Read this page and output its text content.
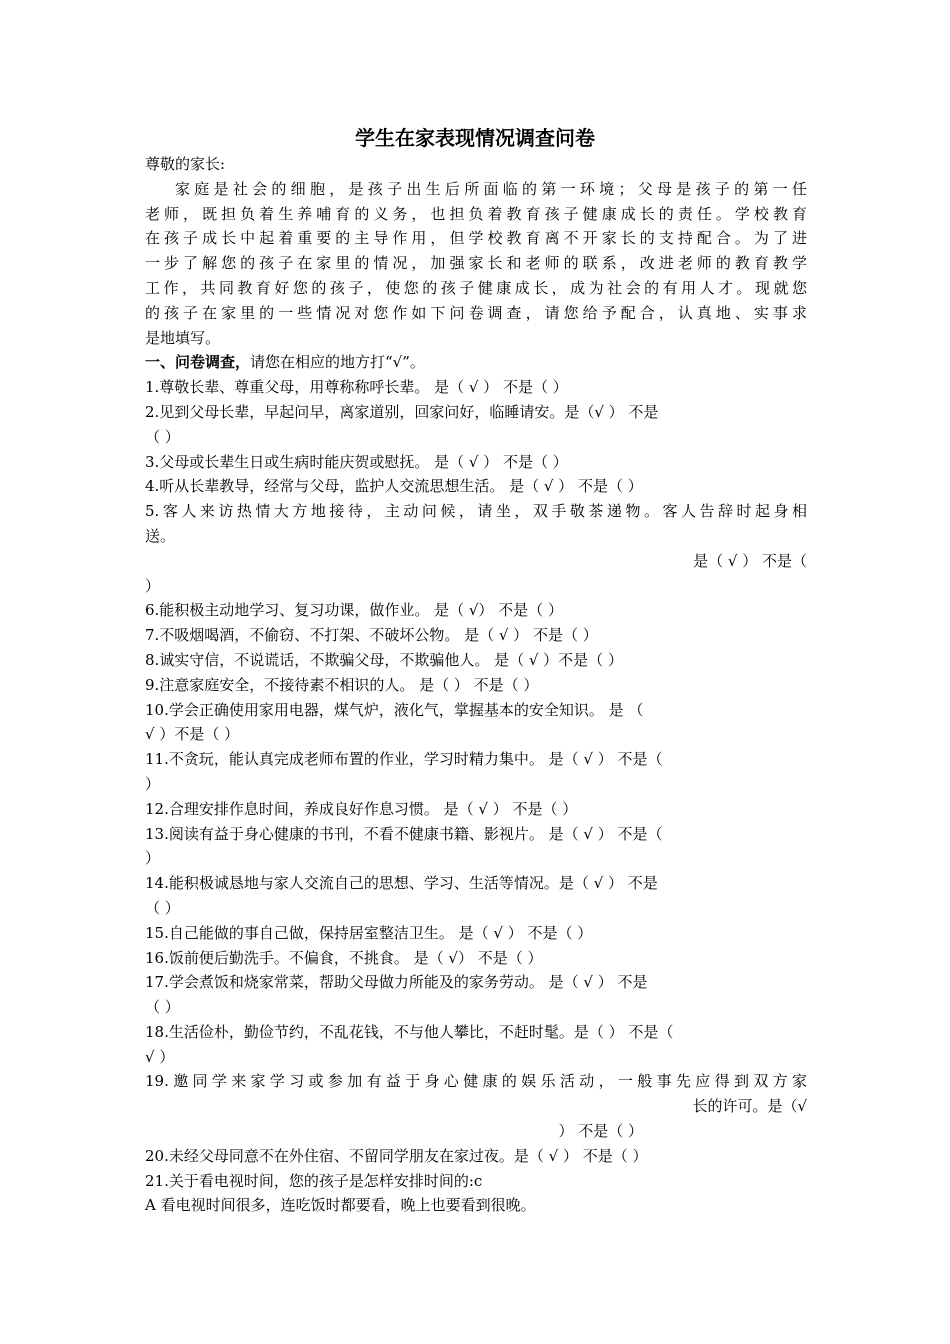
学生在家表现情况调查问卷

尊敬的家长:

家庭是社会的细胞，是孩子出生后所面临的第一环境；父母是孩子的第一任

老师，既担负着生养哺育的义务，也担负着教育孩子健康成长的责任。学校教育

在孩子成长中起着重要的主导作用，但学校教育离不开家长的支持配合。为了进

一步了解您的孩子在家里的情况，加强家长和老师的联系，改进老师的教育教学

工作，共同教育好您的孩子，使您的孩子健康成长，成为社会的有用人才。现就您

的孩子在家里的一些情况对您作如下问卷调查，请您给予配合，认真地、实事求

是地填写。

一、问卷调查，请您在相应的地方打“√”。

1.尊敬长辈、尊重父母，用尊称称呼长辈。 是（ √ ） 不是（ ）

2.见到父母长辈，早起问早，离家道别，回家问好，临睡请安。是（√ ） 不是

（ ）

3.父母或长辈生日或生病时能庆贺或慰抚。 是（ √ ） 不是（ ）

4.听从长辈教导，经常与父母，监护人交流思想生活。 是（ √ ） 不是（ ）

5.客人来访热情大方地接待，主动问候，请坐，双手敬茶递物。客人告辞时起身相

送。

是（ √ ） 不是（

）

6.能积极主动地学习、复习功课，做作业。 是（ √） 不是（ ）

7.不吸烟喝酒，不偷窃、不打架、不破坏公物。 是（ √ ） 不是（ ）

8.诚实守信，不说谎话，不欺骗父母，不欺骗他人。 是（ √ ）不是（ ）

9.注意家庭安全，不接待素不相识的人。 是（ ） 不是（ ）

10.学会正确使用家用电器，煤气炉，液化气，掌握基本的安全知识。 是 （

√ ）不是（ ）

11.不贪玩，能认真完成老师布置的作业，学习时精力集中。 是（ √ ） 不是（

）

12.合理安排作息时间，养成良好作息习惯。 是（ √ ） 不是（ ）

13.阅读有益于身心健康的书刊，不看不健康书籍、影视片。 是（ √ ） 不是（

）

14.能积极诚恳地与家人交流自己的思想、学习、生活等情况。是（ √ ） 不是

（ ）

15.自己能做的事自己做，保持居室整洁卫生。 是（ √ ） 不是（ ）

16.饭前便后勤洗手。不偏食，不挑食。 是（ √） 不是（ ）

17.学会煮饭和烧家常菜，帮助父母做力所能及的家务劳动。 是（ √ ） 不是

（ ）

18.生活俭朴，勤俭节约，不乱花钱，不与他人攀比，不赶时髦。是（ ） 不是（

√ ）

19.邀同学来家学习或参加有益于身心健康的娱乐活动，一般事先应得到双方家

长的许可。是（√

） 不是（ ）

20.未经父母同意不在外住宿、不留同学朋友在家过夜。是（ √ ） 不是（ ）

21.关于看电视时间，您的孩子是怎样安排时间的:c

A 看电视时间很多，连吃饭时都要看，晚上也要看到很晚。
